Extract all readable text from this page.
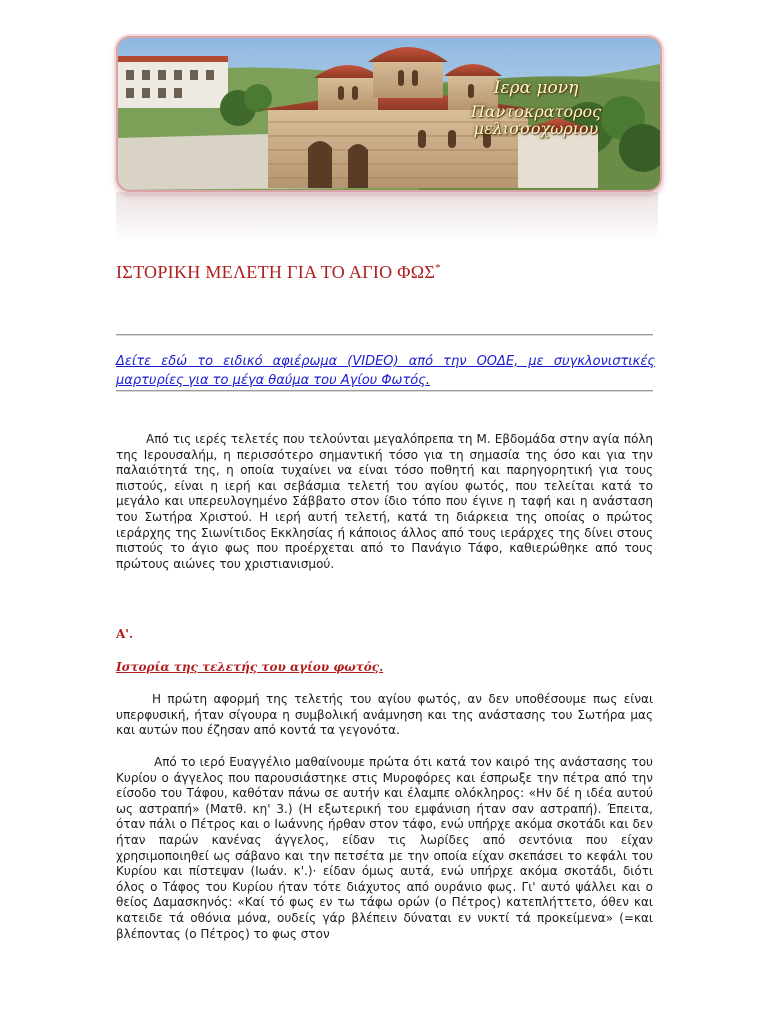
Ιερα μονη
Παντοκρατορος μελισσοχωριου
ΙΣΤΟΡΙΚΗ ΜΕΛΕΤΗ ΓΙΑ ΤΟ ΑΓΙΟ ΦΩΣ*
Δείτε εδώ το ειδικό αφιέρωμα (VIDEO) από την ΟΟΔΕ, με συγκλονιστικές μαρτυρίες για το μέγα θαύμα του Αγίου Φωτός.

Από τις ιερές τελετές που τελούνται μεγαλόπρεπα τη Μ. Εβδομάδα στην αγία πόλη της Ιερουσαλήμ, η περισσότερο σημαντική τόσο για τη σημασία της όσο και για την παλαιότητά της, η οποία τυχαίνει να είναι τόσο ποθητή και παρηγορητική για τους πιστούς, είναι η ιερή και σεβάσμια τελετή του αγίου φωτός, που τελείται κατά το μεγάλο και υπερευλογημένο Σάββατο στον ίδιο τόπο που έγινε η ταφή και η ανάσταση του Σωτήρα Χριστού. Η ιερή αυτή τελετή, κατά τη διάρκεια της οποίας ο πρώτος ιεράρχης της Σιωνίτιδος Εκκλησίας ή κάποιος άλλος από τους ιεράρχες της δίνει στους πιστούς το άγιο φως που προέρχεται από το Πανάγιο Τάφο, καθιερώθηκε από τους πρώτους αιώνες του χριστιανισμού.

Α'.
Ιστορία της τελετής του αγίου φωτός.

Η πρώτη αφορμή της τελετής του αγίου φωτός, αν δεν υποθέσουμε πως είναι υπερφυσική, ήταν σίγουρα η συμβολική ανάμνηση και της ανάστασης του Σωτήρα μας και αυτών που έζησαν από κοντά τα γεγονότα.

Από το ιερό Ευαγγέλιο μαθαίνουμε πρώτα ότι κατά τον καιρό της ανάστασης του Κυρίου ο άγγελος που παρουσιάστηκε στις Μυροφόρες και έσπρωξε την πέτρα από την είσοδο του Τάφου, καθόταν πάνω σε αυτήν και έλαμπε ολόκληρος: «Ην δέ η ιδέα αυτού ως αστραπή» (Ματθ. κη' 3.) (Η εξωτερική του εμφάνιση ήταν σαν αστραπή). Έπειτα, όταν πάλι ο Πέτρος και ο Ιωάννης ήρθαν στον τάφο, ενώ υπήρχε ακόμα σκοτάδι και δεν ήταν παρών κανένας άγγελος, είδαν τις λωρίδες από σεντόνια που είχαν χρησιμοποιηθεί ως σάβανο και την πετσέτα με την οποία είχαν σκεπάσει το κεφάλι του Κυρίου και πίστεψαν (Ιωάν. κ'.)· είδαν όμως αυτά, ενώ υπήρχε ακόμα σκοτάδι, διότι όλος ο Τάφος του Κυρίου ήταν τότε διάχυτος από ουράνιο φως. Γι' αυτό ψάλλει και ο θείος Δαμασκηνός: «Καί τό φως εν τω τάφω ορών (ο Πέτρος) κατεπλήττετο, όθεν και κατειδε τά οθόνια μόνα, ουδείς γάρ βλέπειν δύναται εν νυκτί τά προκείμενα» (=και βλέποντας (ο Πέτρος) το φως στον
